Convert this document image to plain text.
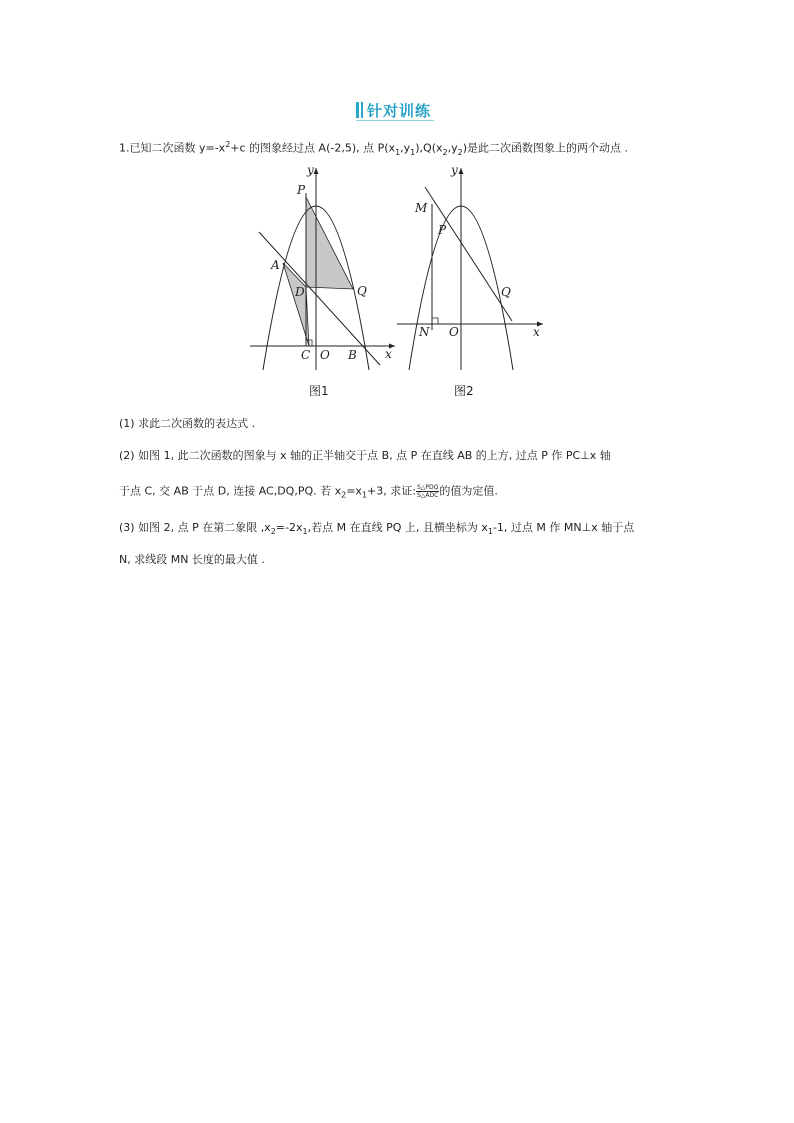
针对训练
1.已知二次函数 $y=-x^2+c$ 的图象经过点 A(-2,5), 点 $P(x_1,y_1),Q(x_2,y_2)$是此二次函数图象上的两个动点 .
y
x
P
A
D	Q
C O B
图1
y
x
M
P
Q
N O
图2
(1) 求此二次函数的表达式 .
(2) 如图 1, 此二次函数的图象与 x 轴的正半轴交于点 B, 点 P 在直线 AB 的上方, 过点 P 作 PC⊥x 轴
于点 C, 交 AB 于点 D, 连接 AC,DQ,PQ. 若 $x_2=x_1+3$, 求证: $\frac{\text{S△PDQ}}{\text{S△ADC}}$ 的值为定值.
(3) 如图 2, 点 P 在第二象限 $,x_2=-2x_1$,若点 M 在直线 PQ 上, 且横坐标为 $x_1-1$, 过点 M 作 MN⊥x 轴于点
N, 求线段 MN 长度的最大值 .
